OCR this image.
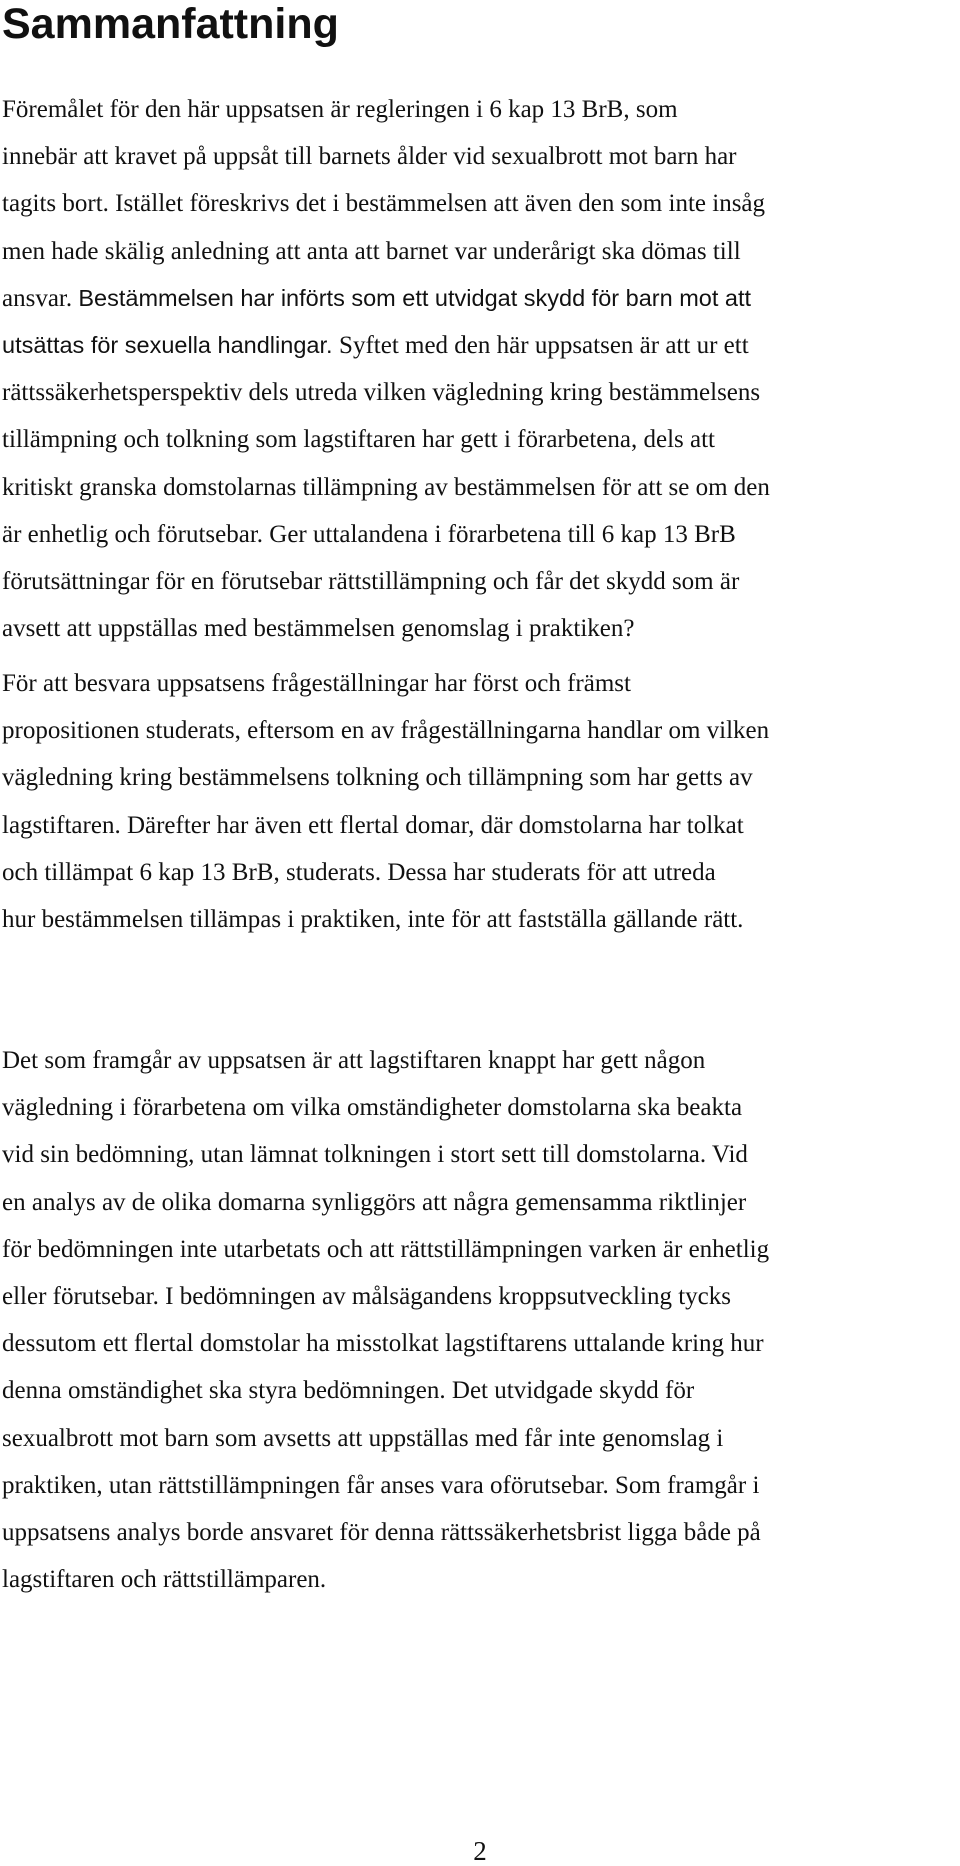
Sammanfattning
Föremålet för den här uppsatsen är regleringen i 6 kap 13 BrB, som
innebär att kravet på uppsåt till barnets ålder vid sexualbrott mot barn har
tagits bort. Istället föreskrivs det i bestämmelsen att även den som inte insåg
men hade skälig anledning att anta att barnet var underårigt ska dömas till
ansvar. Bestämmelsen har införts som ett utvidgat skydd för barn mot att
utsättas för sexuella handlingar. Syftet med den här uppsatsen är att ur ett
rättssäkerhetsperspektiv dels utreda vilken vägledning kring bestämmelsens
tillämpning och tolkning som lagstiftaren har gett i förarbetena, dels att
kritiskt granska domstolarnas tillämpning av bestämmelsen för att se om den
är enhetlig och förutsebar. Ger uttalandena i förarbetena till 6 kap 13 BrB
förutsättningar för en förutsebar rättstillämpning och får det skydd som är
avsett att uppställas med bestämmelsen genomslag i praktiken?
För att besvara uppsatsens frågeställningar har först och främst
propositionen studerats, eftersom en av frågeställningarna handlar om vilken
vägledning kring bestämmelsens tolkning och tillämpning som har getts av
lagstiftaren. Därefter har även ett flertal domar, där domstolarna har tolkat
och tillämpat 6 kap 13 BrB, studerats. Dessa har studerats för att utreda
hur bestämmelsen tillämpas i praktiken, inte för att fastställa gällande rätt.
Det som framgår av uppsatsen är att lagstiftaren knappt har gett någon
vägledning i förarbetena om vilka omständigheter domstolarna ska beakta
vid sin bedömning, utan lämnat tolkningen i stort sett till domstolarna. Vid
en analys av de olika domarna synliggörs att några gemensamma riktlinjer
för bedömningen inte utarbetats och att rättstillämpningen varken är enhetlig
eller förutsebar. I bedömningen av målsägandens kroppsutveckling tycks
dessutom ett flertal domstolar ha misstolkat lagstiftarens uttalande kring hur
denna omständighet ska styra bedömningen. Det utvidgade skydd för
sexualbrott mot barn som avsetts att uppställas med får inte genomslag i
praktiken, utan rättstillämpningen får anses vara oförutsebar. Som framgår i
uppsatsens analys borde ansvaret för denna rättssäkerhetsbrist ligga både på
lagstiftaren och rättstillämparen.
2
